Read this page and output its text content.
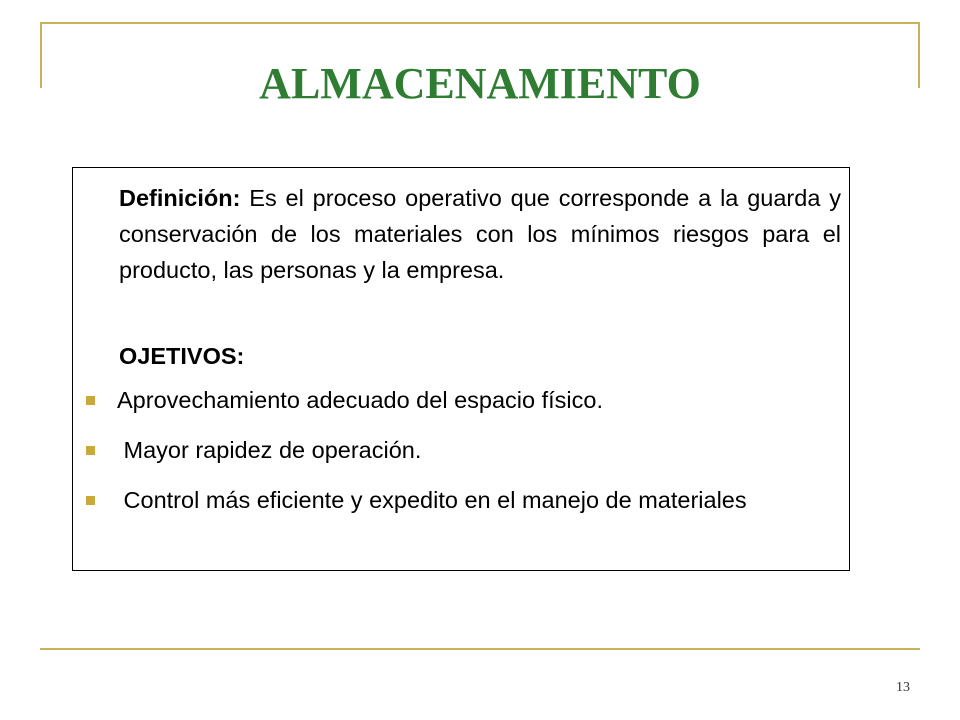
ALMACENAMIENTO

Definición: Es el proceso operativo que corresponde a la guarda y conservación de los materiales con los mínimos riesgos para el producto, las personas y la empresa.

OJETIVOS:
Aprovechamiento adecuado del espacio físico.
Mayor rapidez de operación.
Control más eficiente y expedito en el manejo de materiales
13
